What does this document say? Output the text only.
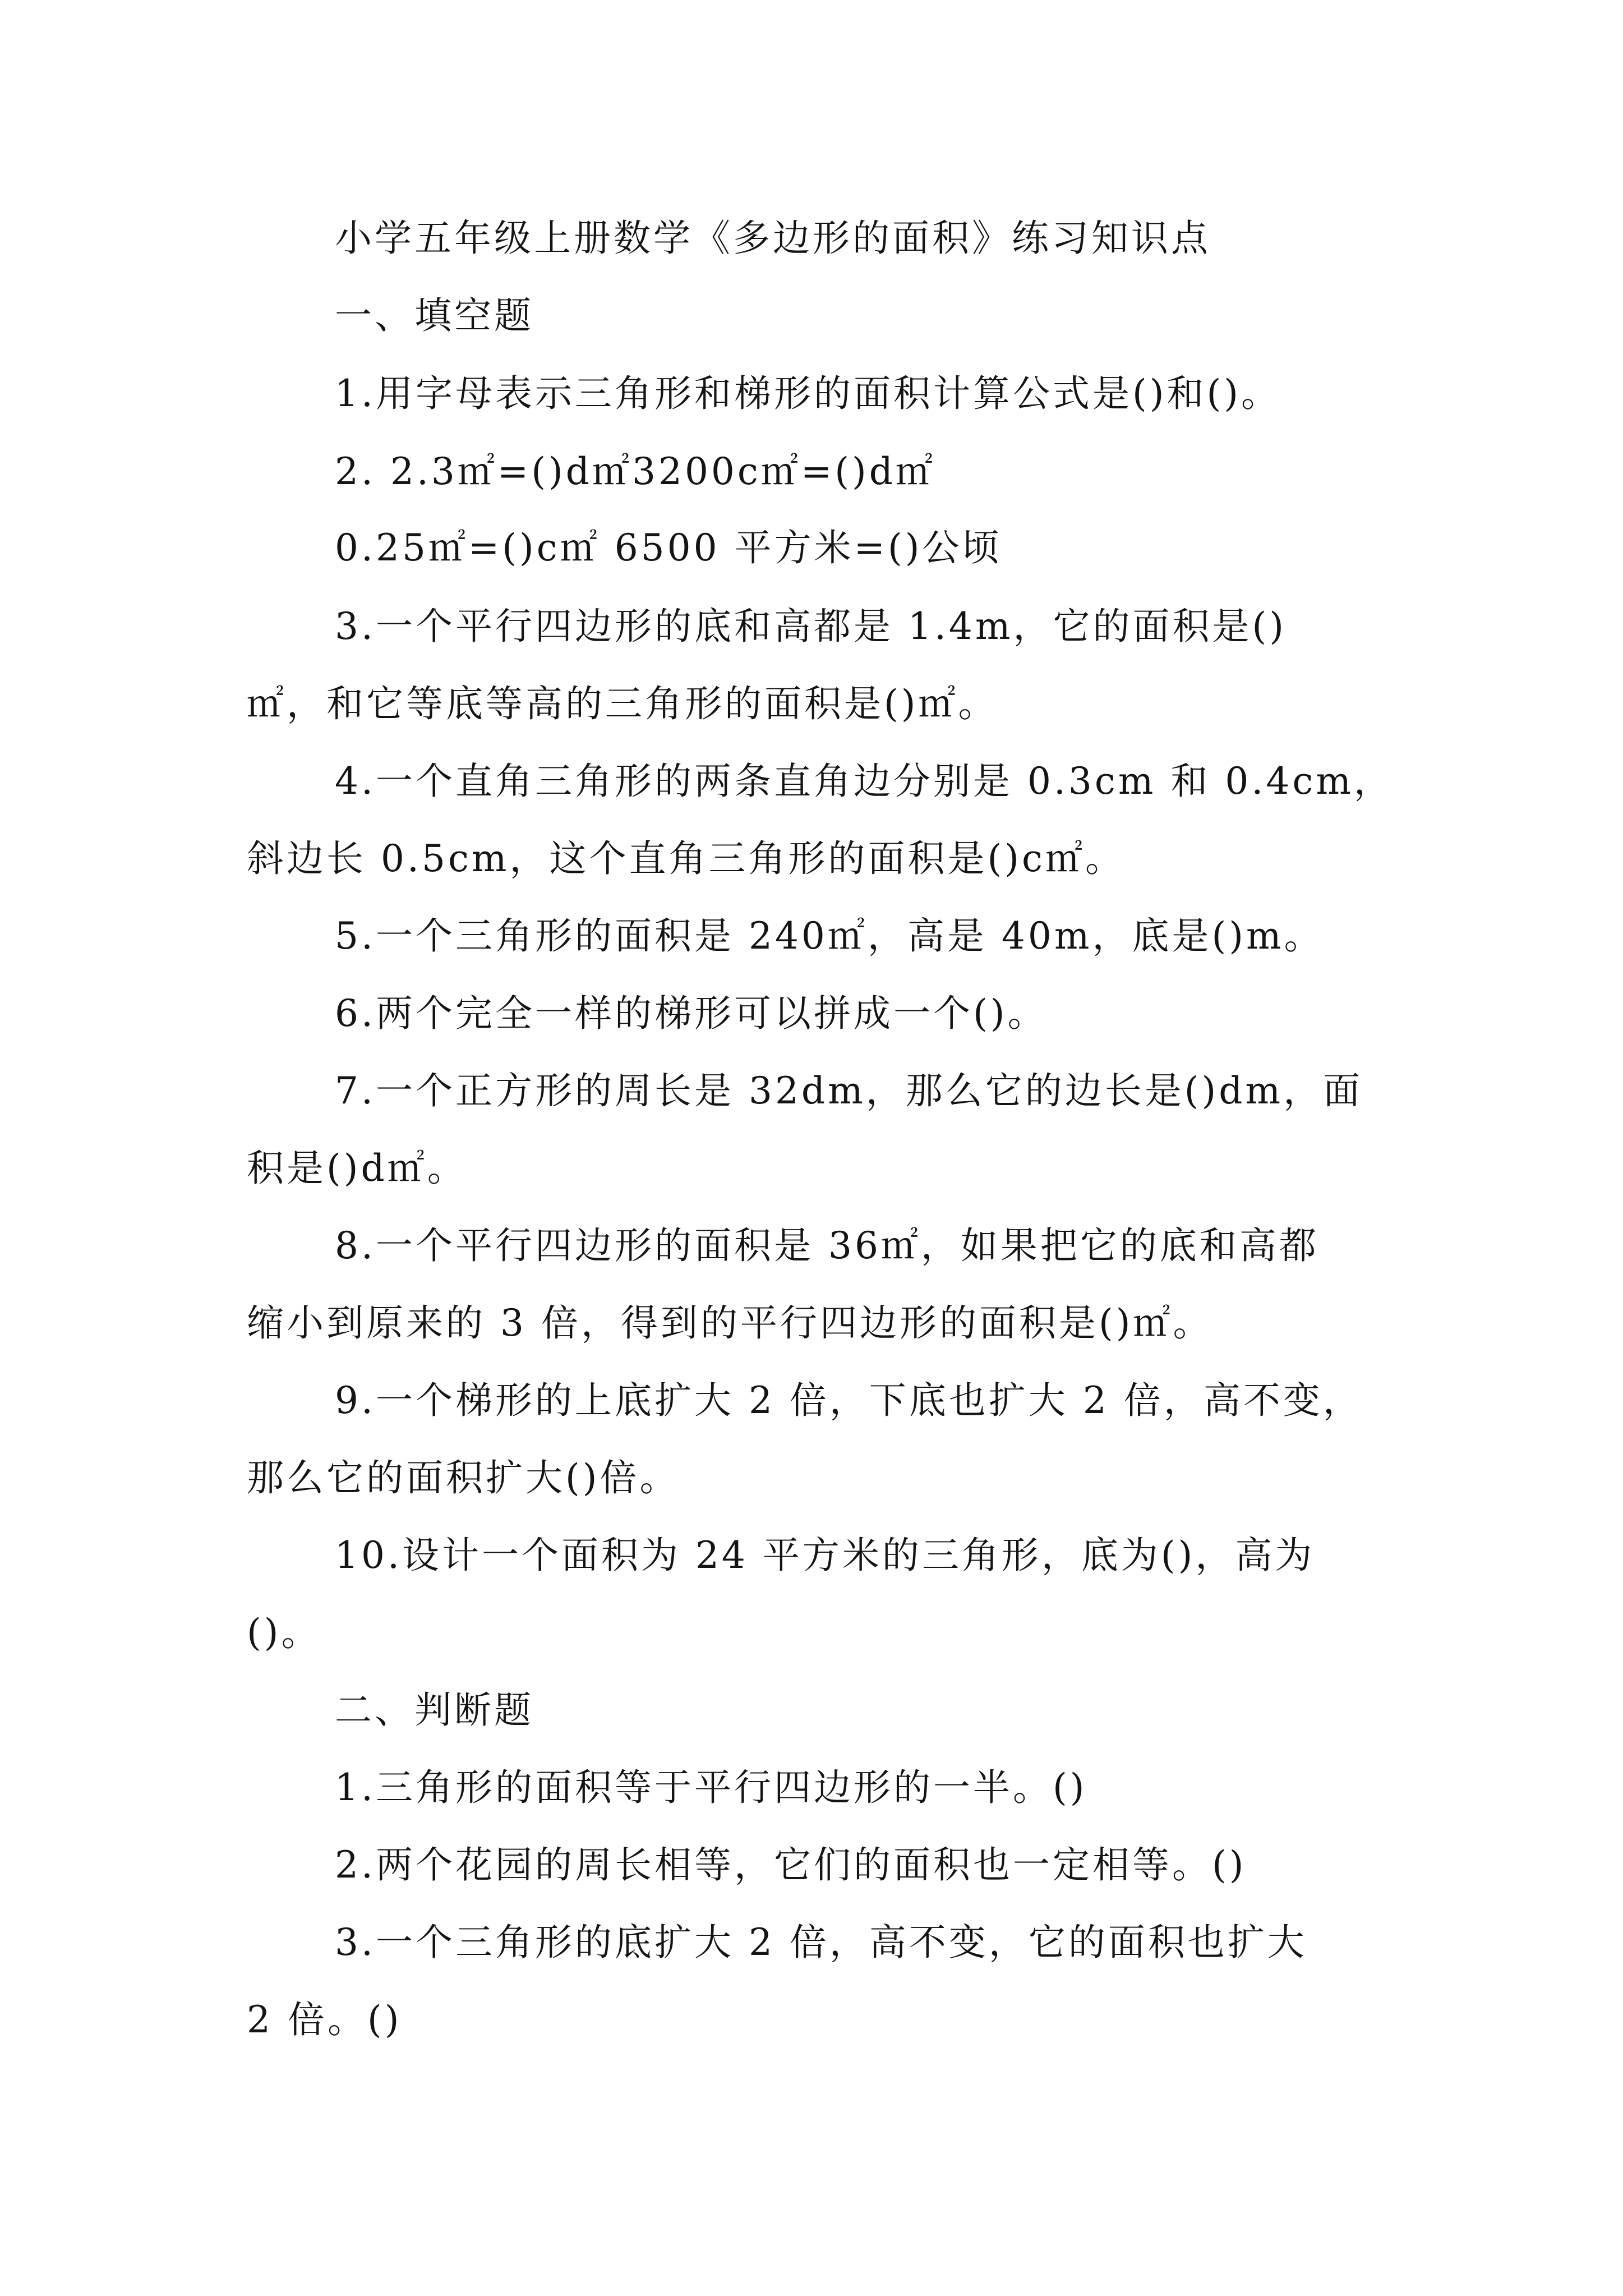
小学五年级上册数学《多边形的面积》练习知识点
一、填空题
1.用字母表示三角形和梯形的面积计算公式是()和()。
2. 2.3㎡=()d㎡3200c㎡=()d㎡
0.25㎡=()c㎡ 6500 平方米=()公顷
3.一个平行四边形的底和高都是 1.4m，它的面积是()
㎡，和它等底等高的三角形的面积是()㎡。
4.一个直角三角形的两条直角边分别是 0.3cm 和 0.4cm，
斜边长 0.5cm，这个直角三角形的面积是()c㎡。
5.一个三角形的面积是 240㎡，高是 40m，底是()m。
6.两个完全一样的梯形可以拼成一个()。
7.一个正方形的周长是 32dm，那么它的边长是()dm，面
积是()d㎡。
8.一个平行四边形的面积是 36㎡，如果把它的底和高都
缩小到原来的 3 倍，得到的平行四边形的面积是()㎡。
9.一个梯形的上底扩大 2 倍，下底也扩大 2 倍，高不变，
那么它的面积扩大()倍。
10.设计一个面积为 24 平方米的三角形，底为()，高为
()。
二、判断题
1.三角形的面积等于平行四边形的一半。()
2.两个花园的周长相等，它们的面积也一定相等。()
3.一个三角形的底扩大 2 倍，高不变，它的面积也扩大
2 倍。()
